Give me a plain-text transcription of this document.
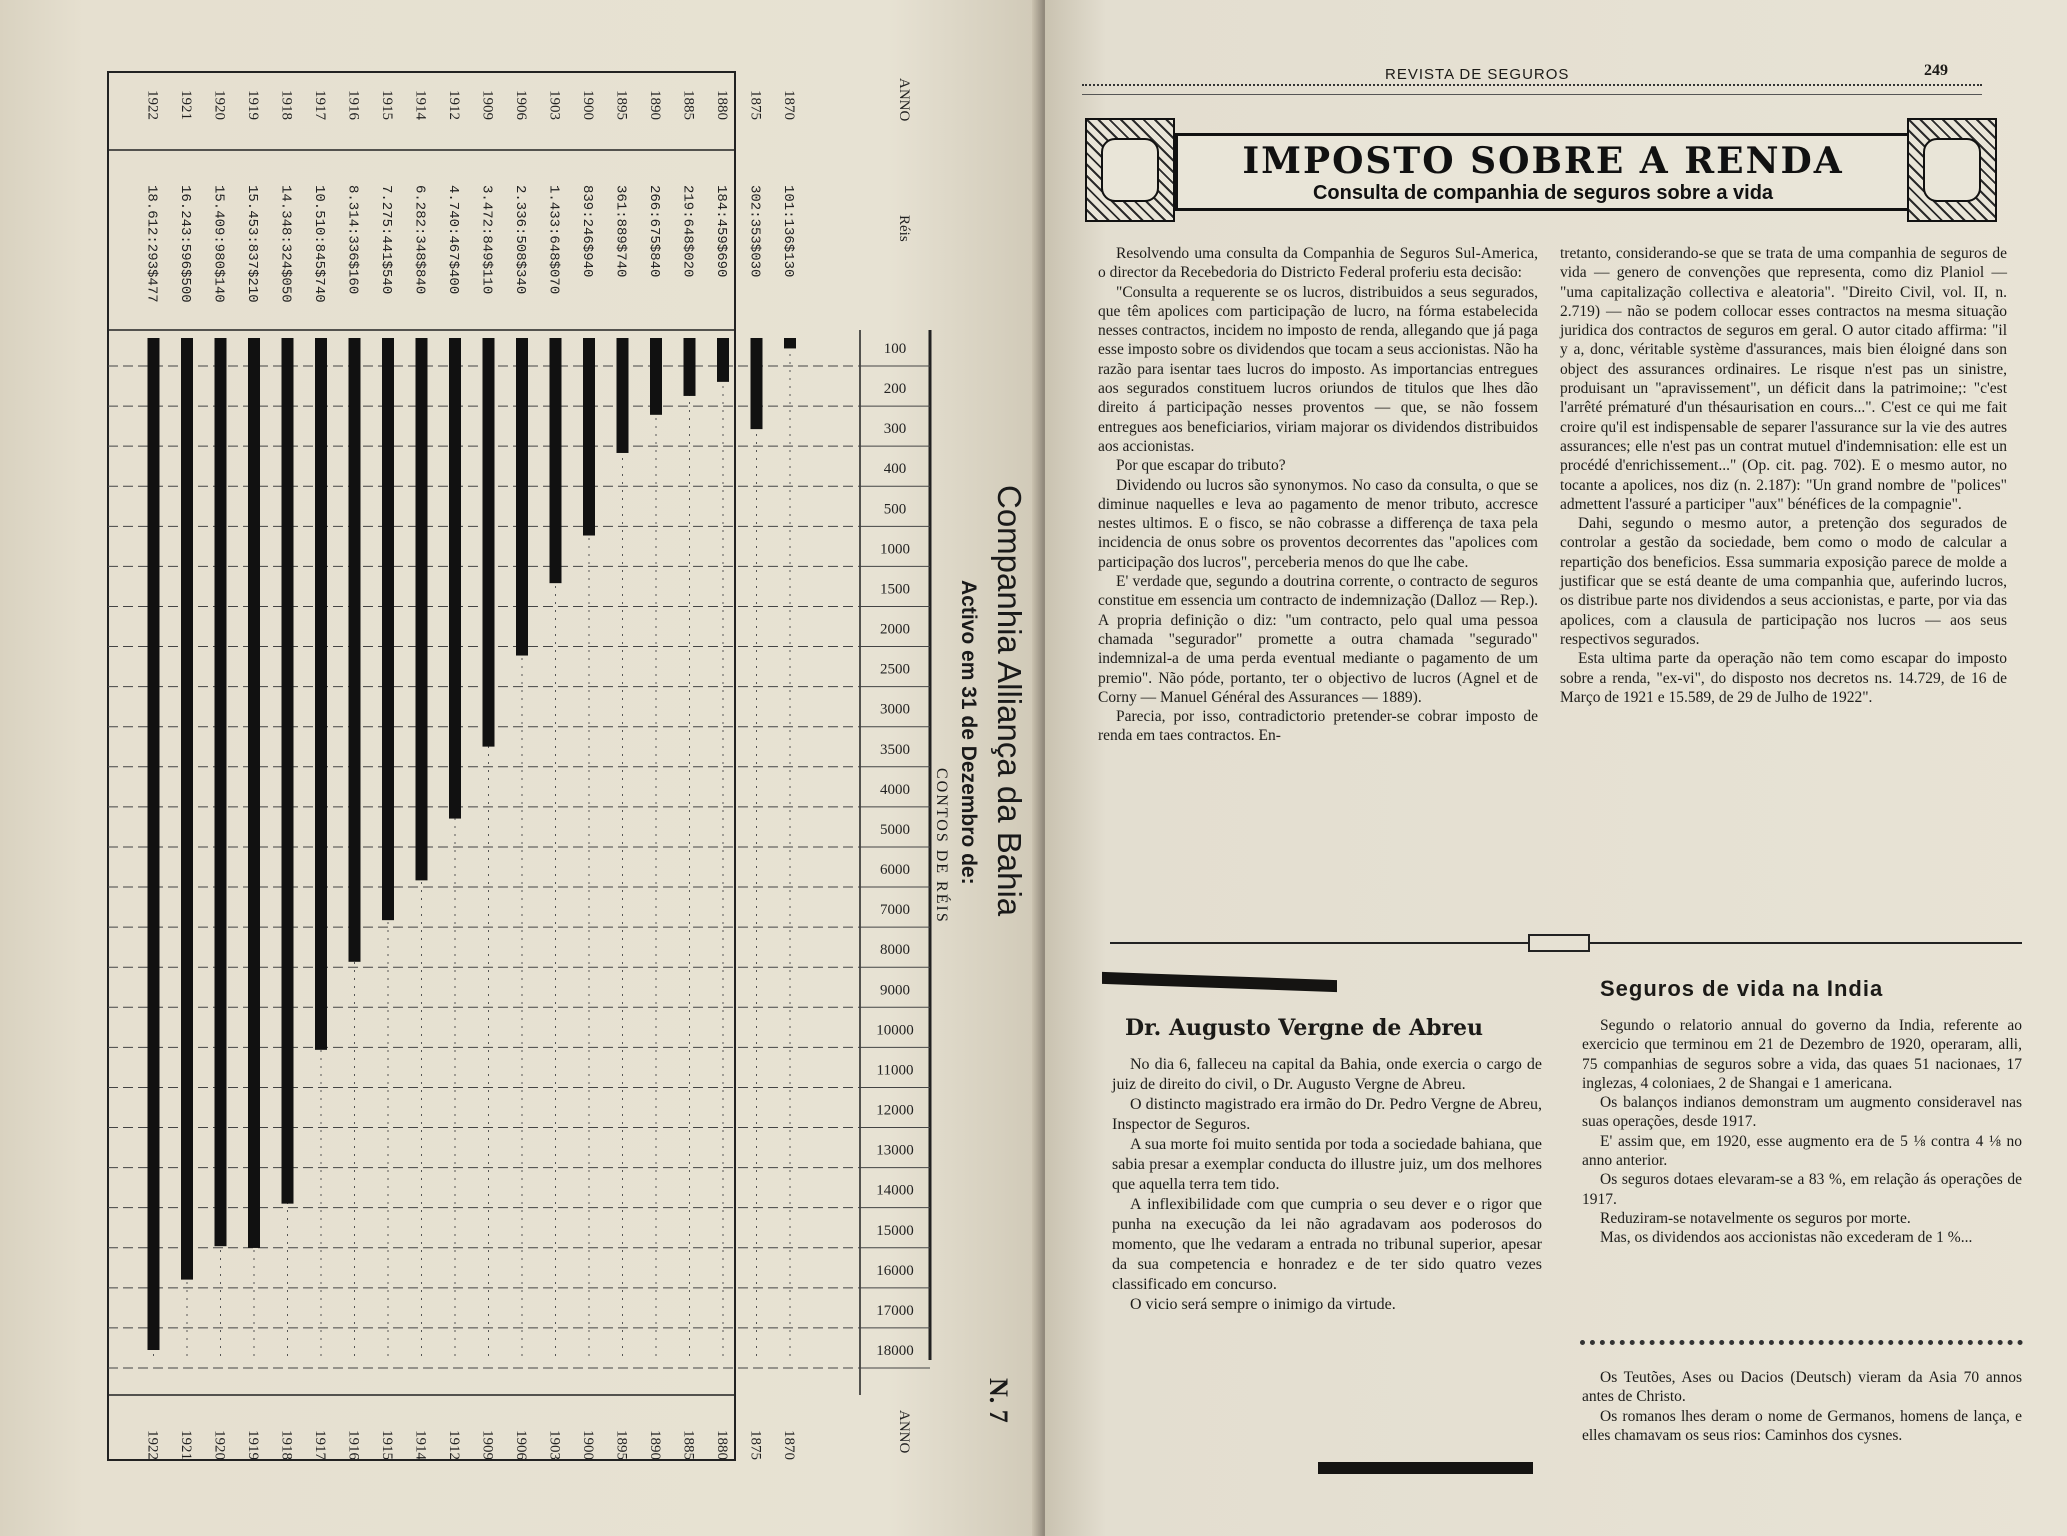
100
200
300
400
500
1000
1500
2000
2500
3000
3500
4000
5000
6000
7000
8000
9000
10000
11000
12000
13000
14000
15000
16000
17000
18000
ANNO
Réis
ANNO
1870
1870
101:136$130
1875
1875
302:353$030
1880
1880
184:459$690
1885
1885
219:648$020
1890
1890
266:675$840
1895
1895
361:889$740
1900
1900
839:246$940
1903
1903
1.433:648$070
1906
1906
2.336:508$340
1909
1909
3.472:849$110
1912
1912
4.740:467$400
1914
1914
6.282:348$840
1915
1915
7.275:441$540
1916
1916
8.314:336$160
1917
1917
10.510:845$740
1918
1918
14.348:324$050
1919
1919
15.453:837$210
1920
1920
15.409:980$140
1921
1921
16.243:596$500
1922
1922
18.612:293$477
Companhia Alliança da Bahia
Activo em 31 de Dezembro de:
CONTOS DE RÉIS
N. 7
REVISTA DE SEGUROS	249
IMPOSTO SOBRE A RENDA
Consulta de companhia de seguros sobre a vida

Resolvendo uma consulta da Companhia de Seguros Sul-America, o director da Recebedoria do Districto Federal proferiu esta decisão:

"Consulta a requerente se os lucros, distribuidos a seus segurados, que têm apolices com participação de lucro, na fórma estabelecida nesses contractos, incidem no imposto de renda, allegando que já paga esse imposto sobre os dividendos que tocam a seus accionistas. Não ha razão para isentar taes lucros do imposto. As importancias entregues aos segurados constituem lucros oriundos de titulos que lhes dão direito á participação nesses proventos — que, se não fossem entregues aos beneficiarios, viriam majorar os dividendos distribuidos aos accionistas.

Por que escapar do tributo?

Dividendo ou lucros são synonymos. No caso da consulta, o que se diminue naquelles e leva ao pagamento de menor tributo, accresce nestes ultimos. E o fisco, se não cobrasse a differença de taxa pela incidencia de onus sobre os proventos decorrentes das "apolices com participação dos lucros", perceberia menos do que lhe cabe.

E' verdade que, segundo a doutrina corrente, o contracto de seguros constitue em essencia um contracto de indemnização (Dalloz — Rep.). A propria definição o diz: "um contracto, pelo qual uma pessoa chamada "segurador" promette a outra chamada "segurado" indemnizal-a de uma perda eventual mediante o pagamento de um premio". Não póde, portanto, ter o objectivo de lucros (Agnel et de Corny — Manuel Général des Assurances — 1889).

Parecia, por isso, contradictorio pretender-se cobrar imposto de renda em taes contractos. En-

tretanto, considerando-se que se trata de uma companhia de seguros de vida — genero de convenções que representa, como diz Planiol — "uma capitalização collectiva e aleatoria". "Direito Civil, vol. II, n. 2.719) — não se podem collocar esses contractos na mesma situação juridica dos contractos de seguros em geral. O autor citado affirma: "il y a, donc, véritable système d'assurances, mais bien éloigné dans son object des assurances ordinaires. Le risque n'est pas un sinistre, produisant un "apravissement", un déficit dans la patrimoine;: "c'est l'arrêté prématuré d'un thésaurisation en cours...". C'est ce qui me fait croire qu'il est indispensable de separer l'assurance sur la vie des autres assurances; elle n'est pas un contrat mutuel d'indemnisation: elle est un procédé d'enrichissement..." (Op. cit. pag. 702). E o mesmo autor, no tocante a apolices, nos diz (n. 2.187): "Un grand nombre de "polices" admettent l'assuré a participer "aux" bénéfices de la compagnie".

Dahi, segundo o mesmo autor, a pretenção dos segurados de controlar a gestão da sociedade, bem como o modo de calcular a repartição dos beneficios. Essa summaria exposição parece de molde a justificar que se está deante de uma companhia que, auferindo lucros, os distribue parte nos dividendos a seus accionistas, e parte, por via das apolices, com a clausula de participação nos lucros — aos seus respectivos segurados.

Esta ultima parte da operação não tem como escapar do imposto sobre a renda, "ex-vi", do disposto nos decretos ns. 14.729, de 16 de Março de 1921 e 15.589, de 29 de Julho de 1922".

Dr. Augusto Vergne de Abreu

No dia 6, falleceu na capital da Bahia, onde exercia o cargo de juiz de direito do civil, o Dr. Augusto Vergne de Abreu.

O distincto magistrado era irmão do Dr. Pedro Vergne de Abreu, Inspector de Seguros.

A sua morte foi muito sentida por toda a sociedade bahiana, que sabia presar a exemplar conducta do illustre juiz, um dos melhores que aquella terra tem tido.

A inflexibilidade com que cumpria o seu dever e o rigor que punha na execução da lei não agradavam aos poderosos do momento, que lhe vedaram a entrada no tribunal superior, apesar da sua competencia e honradez e de ter sido quatro vezes classificado em concurso.

O vicio será sempre o inimigo da virtude.

Seguros de vida na India

Segundo o relatorio annual do governo da India, referente ao exercicio que terminou em 21 de Dezembro de 1920, operaram, alli, 75 companhias de seguros sobre a vida, das quaes 51 nacionaes, 17 inglezas, 4 coloniaes, 2 de Shangai e 1 americana.

Os balanços indianos demonstram um augmento consideravel nas suas operações, desde 1917.

E' assim que, em 1920, esse augmento era de 5 ⅛ contra 4 ⅛ no anno anterior.

Os seguros dotaes elevaram-se a 83 %, em relação ás operações de 1917.

Reduziram-se notavelmente os seguros por morte.

Mas, os dividendos aos accionistas não excederam de 1 %...

Os Teutões, Ases ou Dacios (Deutsch) vieram da Asia 70 annos antes de Christo.

Os romanos lhes deram o nome de Germanos, homens de lança, e elles chamavam os seus rios: Caminhos dos cysnes.
